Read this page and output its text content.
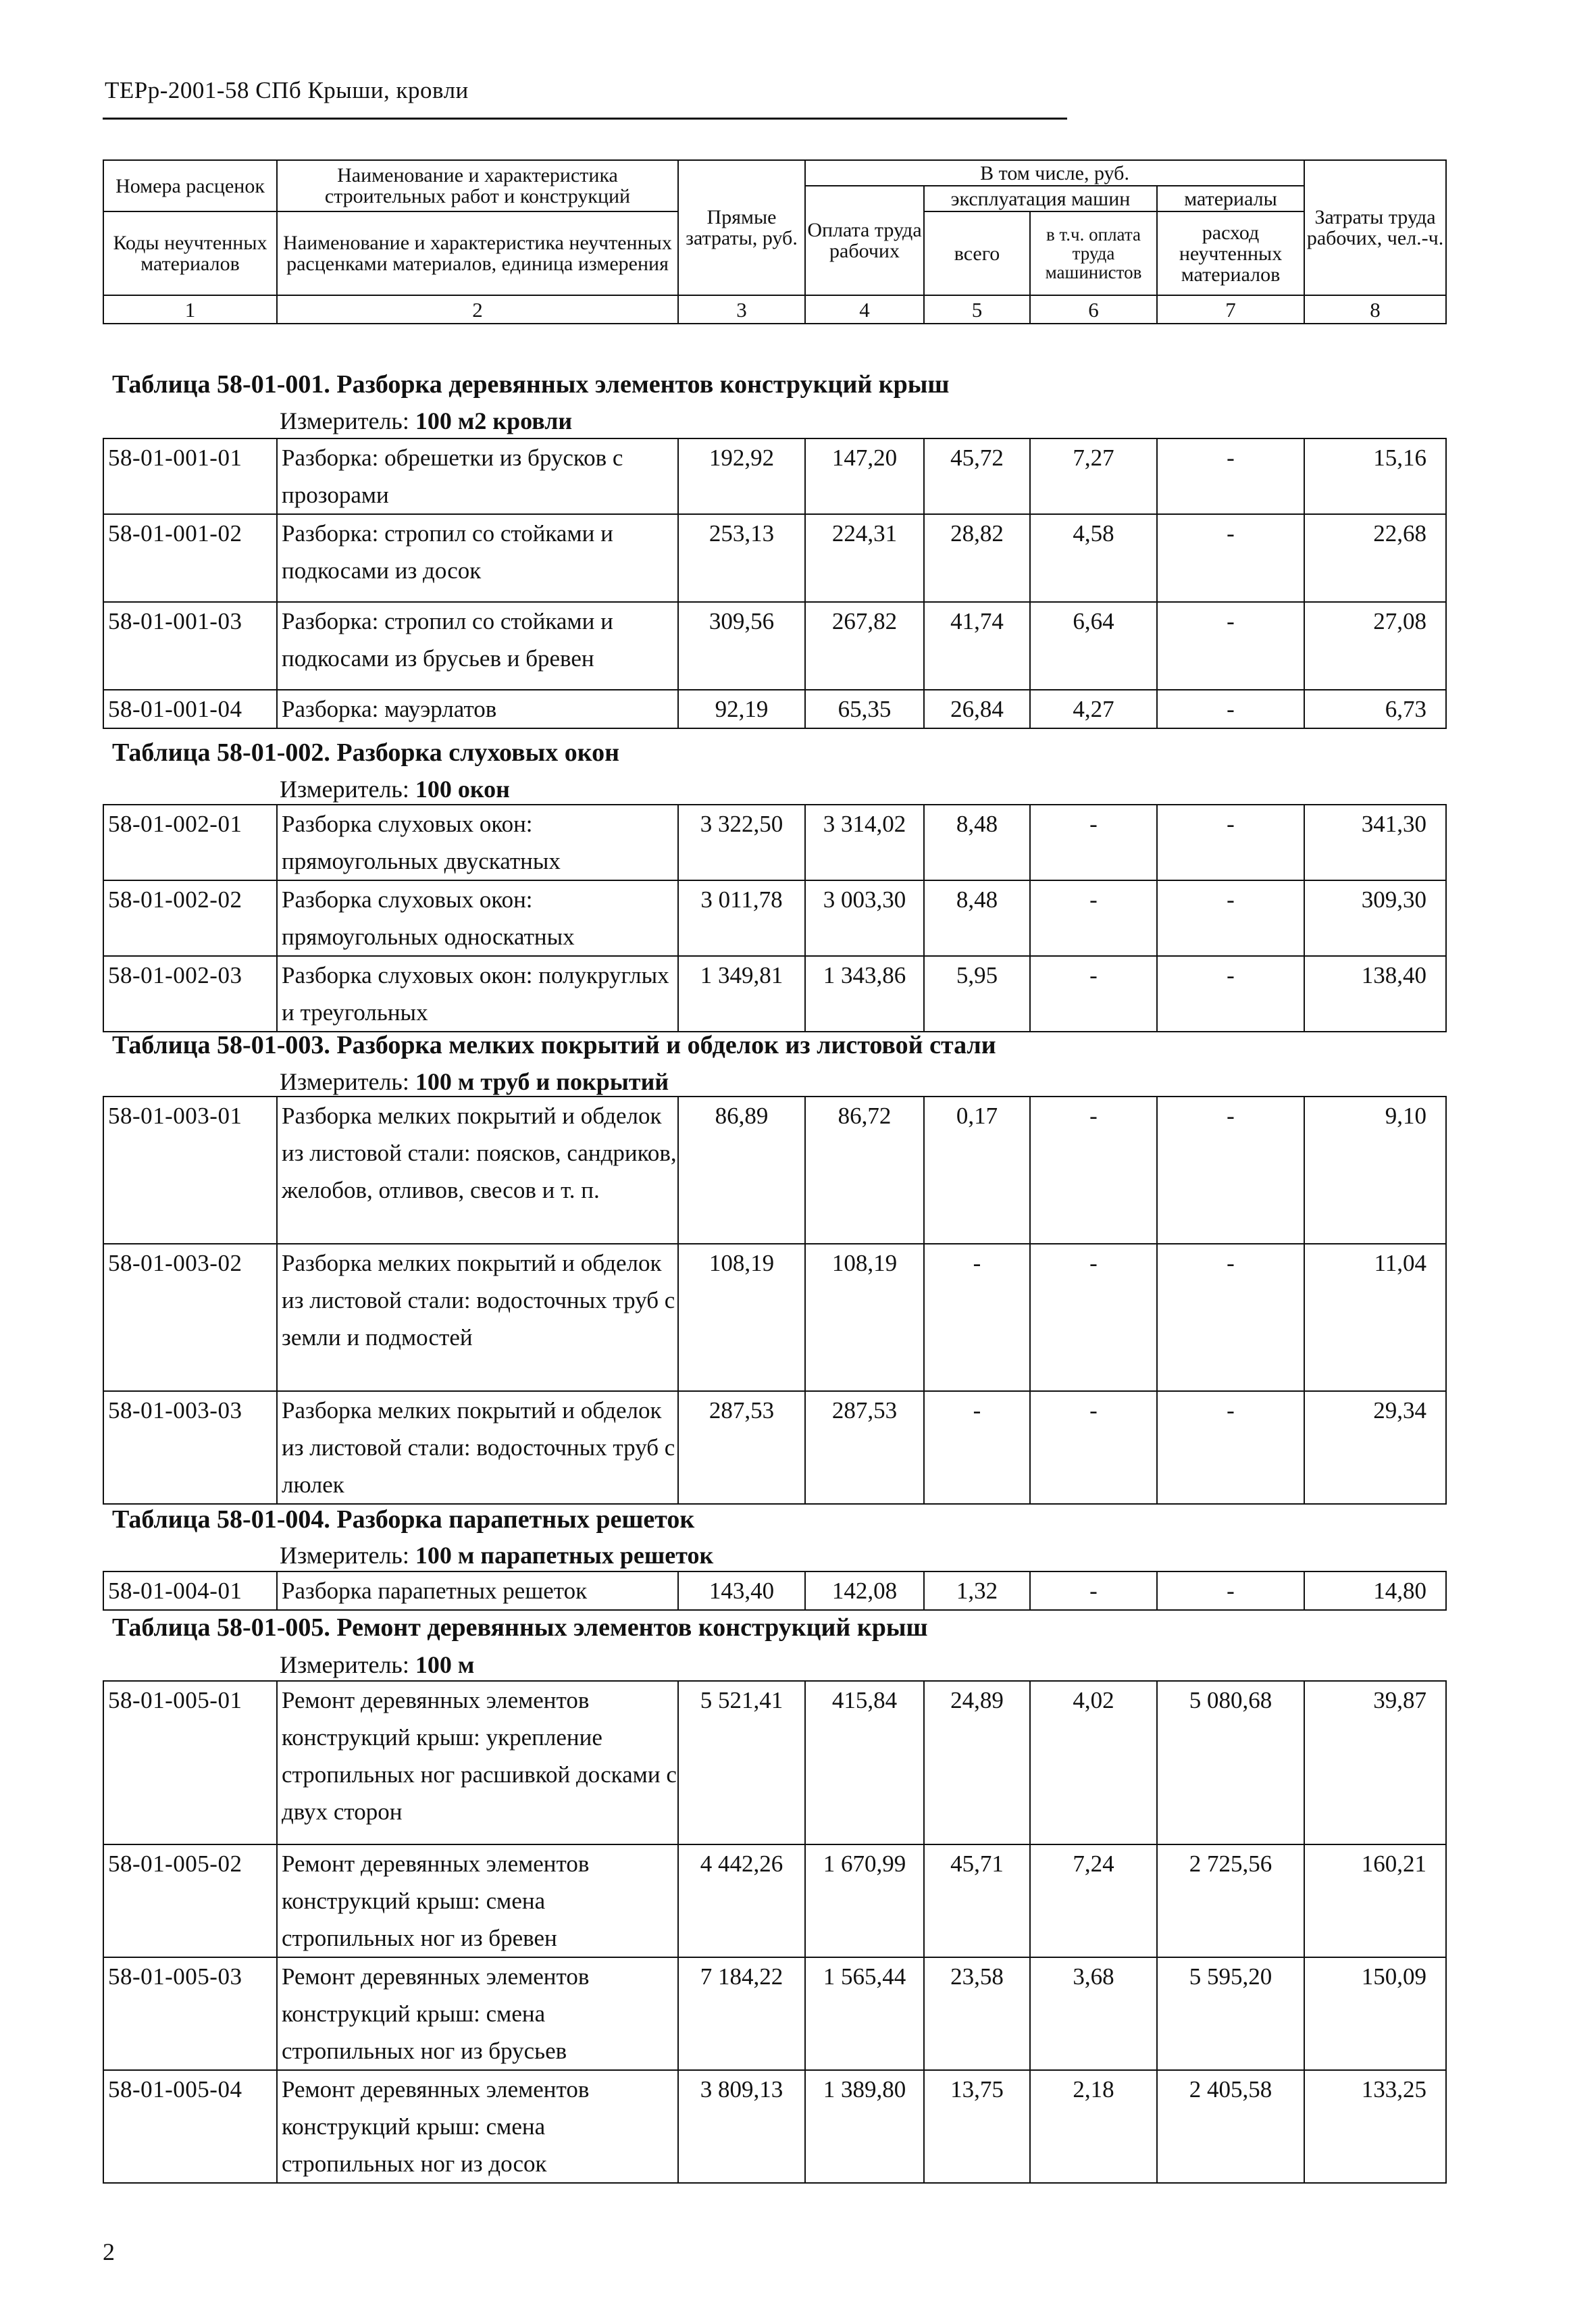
ТЕРр-2001-58 СПб Крыши, кровли
Номера расценок	Наименование и характеристика строительных работ и конструкций	Прямые затраты, руб.	В том числе, руб.				Затраты труда рабочих, чел.-ч.
			Оплата труда рабочих	эксплуатация машин		материалы	
Коды неучтенных материалов	Наименование и характеристика неучтенных расценками материалов, единица измерения			всего	в т.ч. оплата труда машинистов	расход неучтенных материалов	

1	2	3	4	5	6	7	8
Таблица 58-01-001. Разборка деревянных элементов конструкций крыш
Измеритель: 100 м2 кровли
58-01-001-01	Разборка: обрешетки из брусков с прозорами	192,92	147,20	45,72	7,27	-	15,16
58-01-001-02	Разборка: стропил со стойками и подкосами из досок	253,13	224,31	28,82	4,58	-	22,68
58-01-001-03	Разборка: стропил со стойками и подкосами из брусьев и бревен	309,56	267,82	41,74	6,64	-	27,08
58-01-001-04	Разборка: мауэрлатов	92,19	65,35	26,84	4,27	-	6,73
Таблица 58-01-002. Разборка слуховых окон
Измеритель: 100 окон
58-01-002-01	Разборка слуховых окон: прямоугольных двускатных	3 322,50	3 314,02	8,48	-	-	341,30
58-01-002-02	Разборка слуховых окон: прямоугольных односкатных	3 011,78	3 003,30	8,48	-	-	309,30
58-01-002-03	Разборка слуховых окон: полукруглых и треугольных	1 349,81	1 343,86	5,95	-	-	138,40
Таблица 58-01-003. Разборка мелких покрытий и обделок из листовой стали
Измеритель: 100 м труб и покрытий
58-01-003-01	Разборка мелких покрытий и обделок из листовой стали: поясков, сандриков, желобов, отливов, свесов и т. п.	86,89	86,72	0,17	-	-	9,10
58-01-003-02	Разборка мелких покрытий и обделок из листовой стали: водосточных труб с земли и подмостей	108,19	108,19	-	-	-	11,04
58-01-003-03	Разборка мелких покрытий и обделок из листовой стали: водосточных труб с люлек	287,53	287,53	-	-	-	29,34
Таблица 58-01-004. Разборка парапетных решеток
Измеритель: 100 м парапетных решеток
58-01-004-01	Разборка парапетных решеток	143,40	142,08	1,32	-	-	14,80
Таблица 58-01-005. Ремонт деревянных элементов конструкций крыш
Измеритель: 100 м
58-01-005-01	Ремонт деревянных элементов конструкций крыш: укрепление стропильных ног расшивкой досками с двух сторон	5 521,41	415,84	24,89	4,02	5 080,68	39,87
58-01-005-02	Ремонт деревянных элементов конструкций крыш: смена стропильных ног из бревен	4 442,26	1 670,99	45,71	7,24	2 725,56	160,21
58-01-005-03	Ремонт деревянных элементов конструкций крыш: смена стропильных ног из брусьев	7 184,22	1 565,44	23,58	3,68	5 595,20	150,09
58-01-005-04	Ремонт деревянных элементов конструкций крыш: смена стропильных ног из досок	3 809,13	1 389,80	13,75	2,18	2 405,58	133,25
2
